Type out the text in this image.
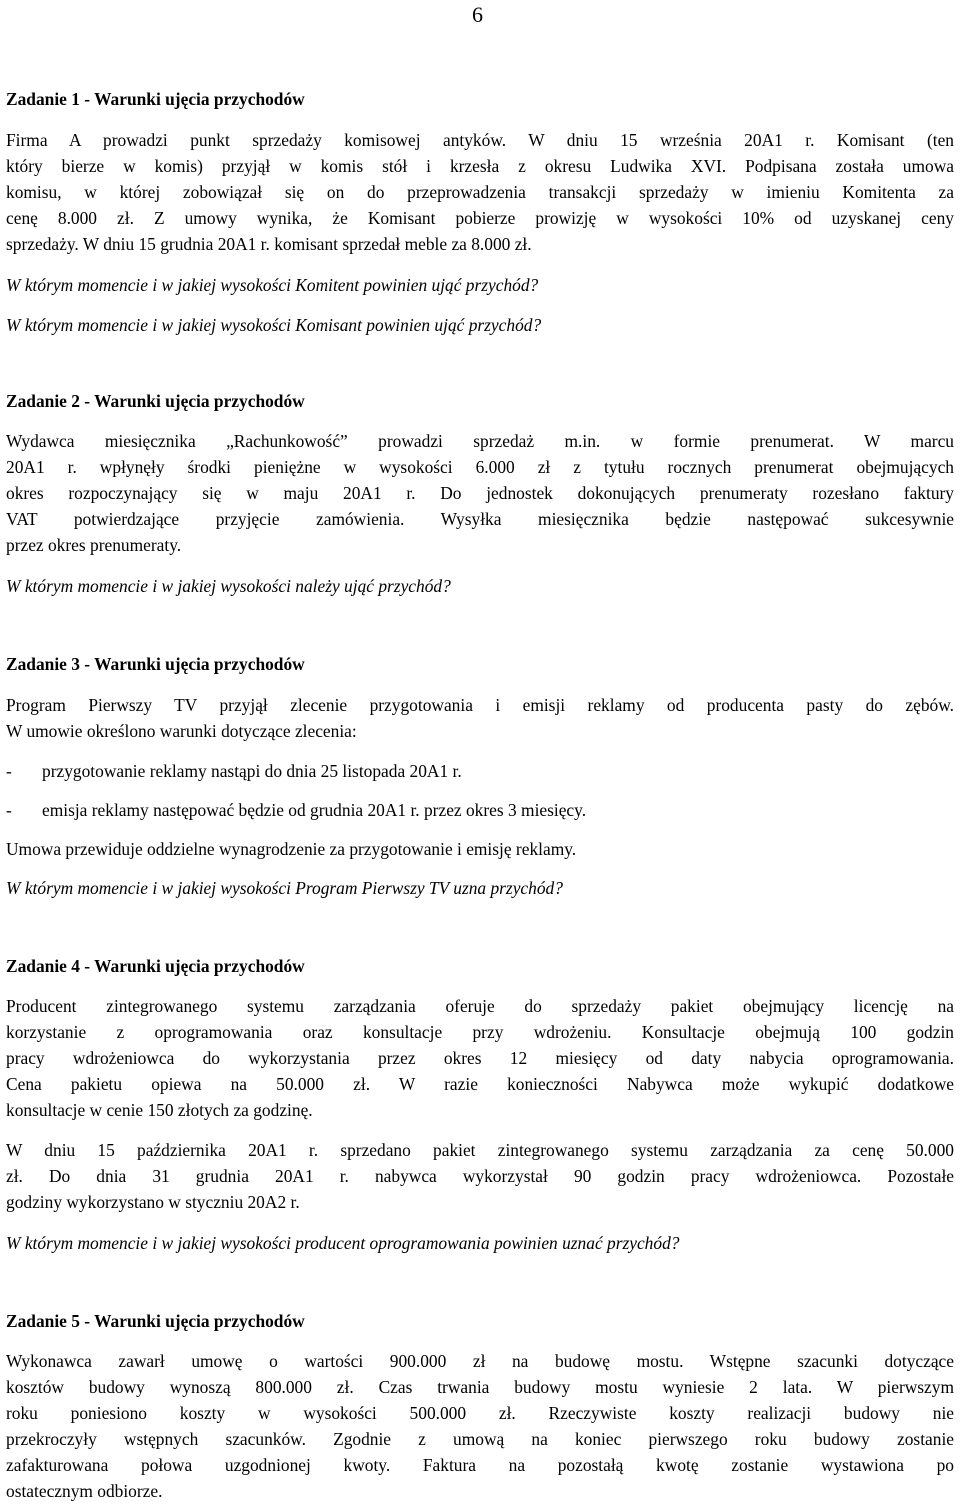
6
Zadanie 1 - Warunki ujęcia przychodów
Firma A prowadzi punkt sprzedaży komisowej antyków. W dniu 15 września 20A1 r. Komisant (ten
który bierze w komis) przyjął w komis stół i krzesła z okresu Ludwika XVI. Podpisana została umowa
komisu, w której zobowiązał się on do przeprowadzenia transakcji sprzedaży w imieniu Komitenta za
cenę 8.000 zł. Z umowy wynika, że Komisant pobierze prowizję w wysokości 10% od uzyskanej ceny
sprzedaży. W dniu 15 grudnia 20A1 r. komisant sprzedał meble za 8.000 zł.
W którym momencie i w jakiej wysokości Komitent powinien ująć przychód?
W którym momencie i w jakiej wysokości Komisant powinien ująć przychód?
Zadanie 2 - Warunki ujęcia przychodów
Wydawca miesięcznika „Rachunkowość” prowadzi sprzedaż m.in. w formie prenumerat. W marcu
20A1 r. wpłynęły środki pieniężne w wysokości 6.000 zł z tytułu rocznych prenumerat obejmujących
okres rozpoczynający się w maju 20A1 r. Do jednostek dokonujących prenumeraty rozesłano faktury
VAT potwierdzające przyjęcie zamówienia. Wysyłka miesięcznika będzie następować sukcesywnie
przez okres prenumeraty.
W którym momencie i w jakiej wysokości należy ująć przychód?
Zadanie 3 - Warunki ujęcia przychodów
Program Pierwszy TV przyjął zlecenie przygotowania i emisji reklamy od producenta pasty do zębów.
W umowie określono warunki dotyczące zlecenia:
- przygotowanie reklamy nastąpi do dnia 25 listopada 20A1 r.
- emisja reklamy następować będzie od grudnia 20A1 r. przez okres 3 miesięcy.
Umowa przewiduje oddzielne wynagrodzenie za przygotowanie i emisję reklamy.
W którym momencie i w jakiej wysokości Program Pierwszy TV uzna przychód?
Zadanie 4 - Warunki ujęcia przychodów
Producent zintegrowanego systemu zarządzania oferuje do sprzedaży pakiet obejmujący licencję na
korzystanie z oprogramowania oraz konsultacje przy wdrożeniu. Konsultacje obejmują 100 godzin
pracy wdrożeniowca do wykorzystania przez okres 12 miesięcy od daty nabycia oprogramowania.
Cena pakietu opiewa na 50.000 zł. W razie konieczności Nabywca może wykupić dodatkowe
konsultacje w cenie 150 złotych za godzinę.
W dniu 15 października 20A1 r. sprzedano pakiet zintegrowanego systemu zarządzania za cenę 50.000
zł. Do dnia 31 grudnia 20A1 r. nabywca wykorzystał 90 godzin pracy wdrożeniowca. Pozostałe
godziny wykorzystano w styczniu 20A2 r.
W którym momencie i w jakiej wysokości producent oprogramowania powinien uznać przychód?
Zadanie 5 - Warunki ujęcia przychodów
Wykonawca zawarł umowę o wartości 900.000 zł na budowę mostu. Wstępne szacunki dotyczące
kosztów budowy wynoszą 800.000 zł. Czas trwania budowy mostu wyniesie 2 lata. W pierwszym
roku poniesiono koszty w wysokości 500.000 zł. Rzeczywiste koszty realizacji budowy nie
przekroczyły wstępnych szacunków. Zgodnie z umową na koniec pierwszego roku budowy zostanie
zafakturowana połowa uzgodnionej kwoty. Faktura na pozostałą kwotę zostanie wystawiona po
ostatecznym odbiorze.
